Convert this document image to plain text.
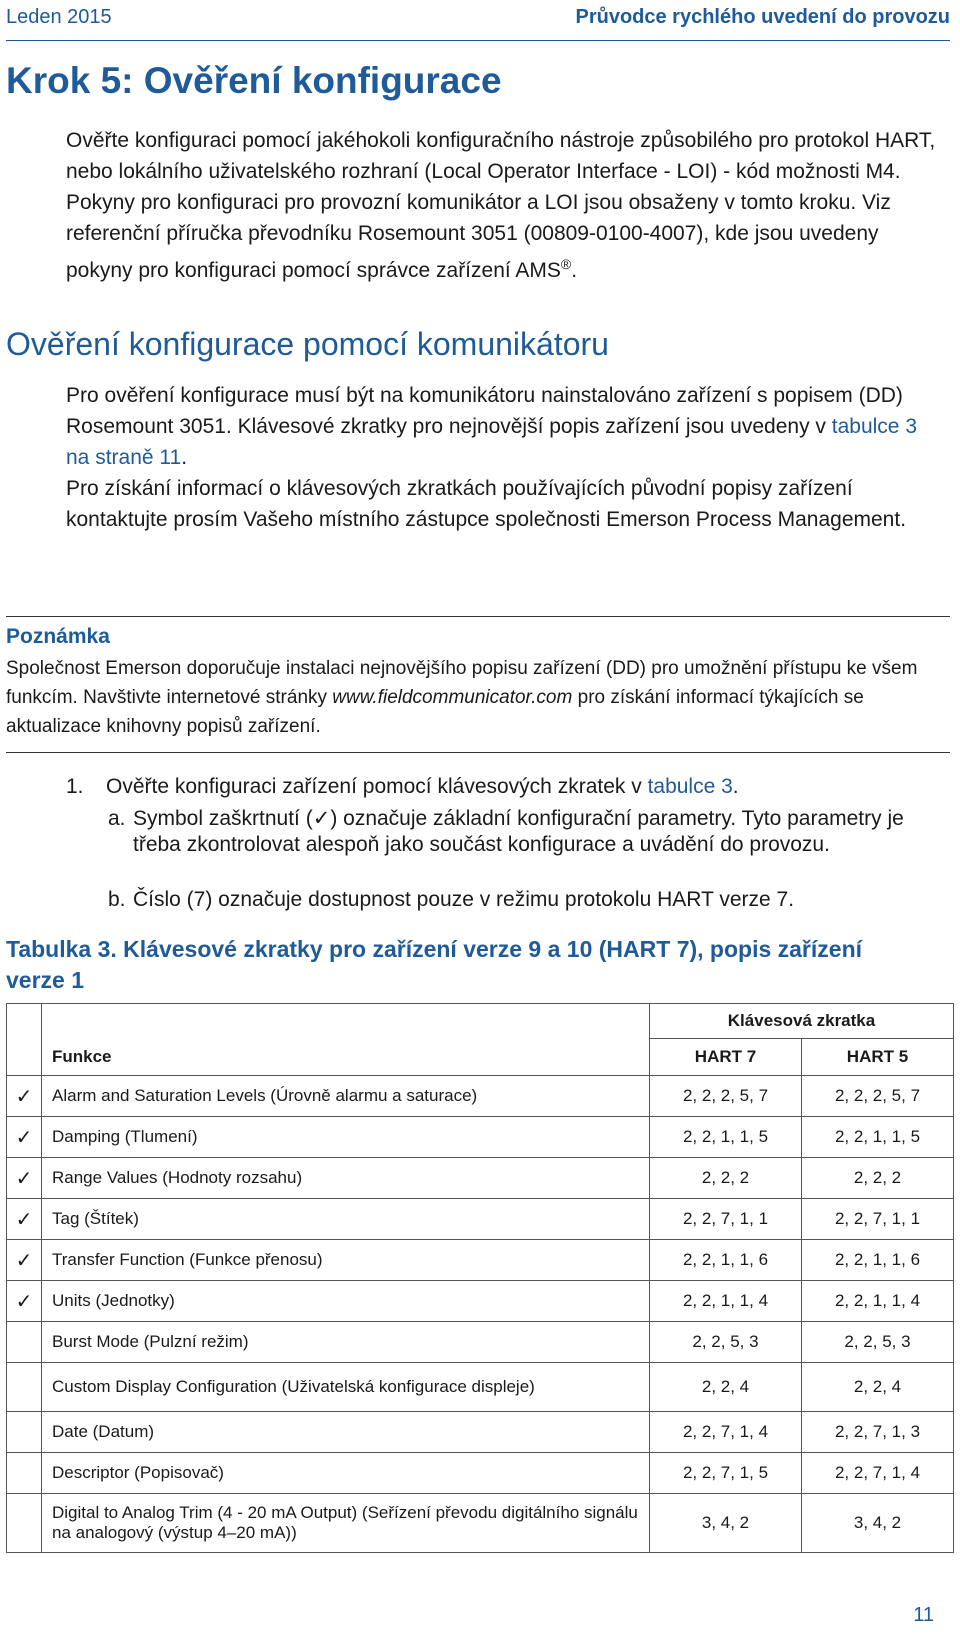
Leden 2015	Průvodce rychlého uvedení do provozu
Krok 5: Ověření konfigurace
Ověřte konfiguraci pomocí jakéhokoli konfiguračního nástroje způsobilého pro protokol HART, nebo lokálního uživatelského rozhraní (Local Operator Interface - LOI) - kód možnosti M4. Pokyny pro konfiguraci pro provozní komunikátor a LOI jsou obsaženy v tomto kroku. Viz referenční příručka převodníku Rosemount 3051 (00809-0100-4007), kde jsou uvedeny pokyny pro konfiguraci pomocí správce zařízení AMS®.
Ověření konfigurace pomocí komunikátoru
Pro ověření konfigurace musí být na komunikátoru nainstalováno zařízení s popisem (DD) Rosemount 3051. Klávesové zkratky pro nejnovější popis zařízení jsou uvedeny v tabulce 3 na straně 11.
Pro získání informací o klávesových zkratkách používajících původní popisy zařízení kontaktujte prosím Vašeho místního zástupce společnosti Emerson Process Management.
Poznámka
Společnost Emerson doporučuje instalaci nejnovějšího popisu zařízení (DD) pro umožnění přístupu ke všem funkcím. Navštivte internetové stránky www.fieldcommunicator.com pro získání informací týkajících se aktualizace knihovny popisů zařízení.
1. Ověřte konfiguraci zařízení pomocí klávesových zkratek v tabulce 3.
a. Symbol zaškrtnutí (✓) označuje základní konfigurační parametry. Tyto parametry je třeba zkontrolovat alespoň jako součást konfigurace a uvádění do provozu.
b. Číslo (7) označuje dostupnost pouze v režimu protokolu HART verze 7.
Tabulka 3. Klávesové zkratky pro zařízení verze 9 a 10 (HART 7), popis zařízení verze 1
		Klávesová zkratka	
	Funkce	HART 7	HART 5
✓	Alarm and Saturation Levels (Úrovně alarmu a saturace)	2, 2, 2, 5, 7	2, 2, 2, 5, 7
✓	Damping (Tlumení)	2, 2, 1, 1, 5	2, 2, 1, 1, 5
✓	Range Values (Hodnoty rozsahu)	2, 2, 2	2, 2, 2
✓	Tag (Štítek)	2, 2, 7, 1, 1	2, 2, 7, 1, 1
✓	Transfer Function (Funkce přenosu)	2, 2, 1, 1, 6	2, 2, 1, 1, 6
✓	Units (Jednotky)	2, 2, 1, 1, 4	2, 2, 1, 1, 4
	Burst Mode (Pulzní režim)	2, 2, 5, 3	2, 2, 5, 3
	Custom Display Configuration (Uživatelská konfigurace displeje)	2, 2, 4	2, 2, 4
	Date (Datum)	2, 2, 7, 1, 4	2, 2, 7, 1, 3
	Descriptor (Popisovač)	2, 2, 7, 1, 5	2, 2, 7, 1, 4
	Digital to Analog Trim (4 - 20 mA Output) (Seřízení převodu digitálního signálu na analogový (výstup 4–20 mA))	3, 4, 2	3, 4, 2
11
